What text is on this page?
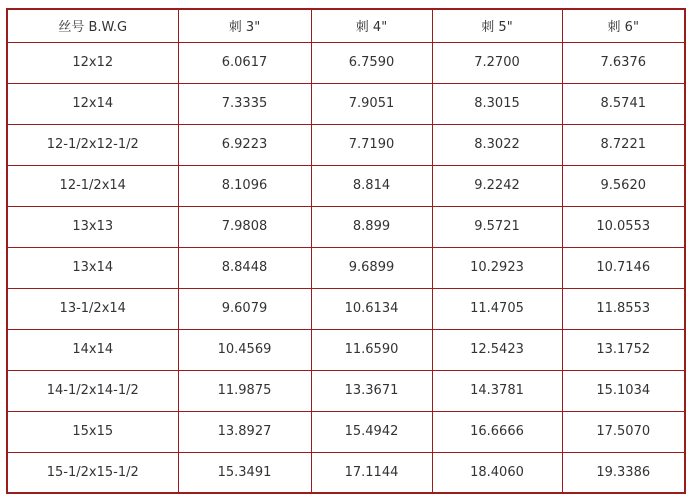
丝号 B.W.G	刺 3"	刺 4"	刺 5"	刺 6"
12x12	6.0617	6.7590	7.2700	7.6376
12x14	7.3335	7.9051	8.3015	8.5741
12-1/2x12-1/2	6.9223	7.7190	8.3022	8.7221
12-1/2x14	8.1096	8.814	9.2242	9.5620
13x13	7.9808	8.899	9.5721	10.0553
13x14	8.8448	9.6899	10.2923	10.7146
13-1/2x14	9.6079	10.6134	11.4705	11.8553
14x14	10.4569	11.6590	12.5423	13.1752
14-1/2x14-1/2	11.9875	13.3671	14.3781	15.1034
15x15	13.8927	15.4942	16.6666	17.5070
15-1/2x15-1/2	15.3491	17.1144	18.4060	19.3386
